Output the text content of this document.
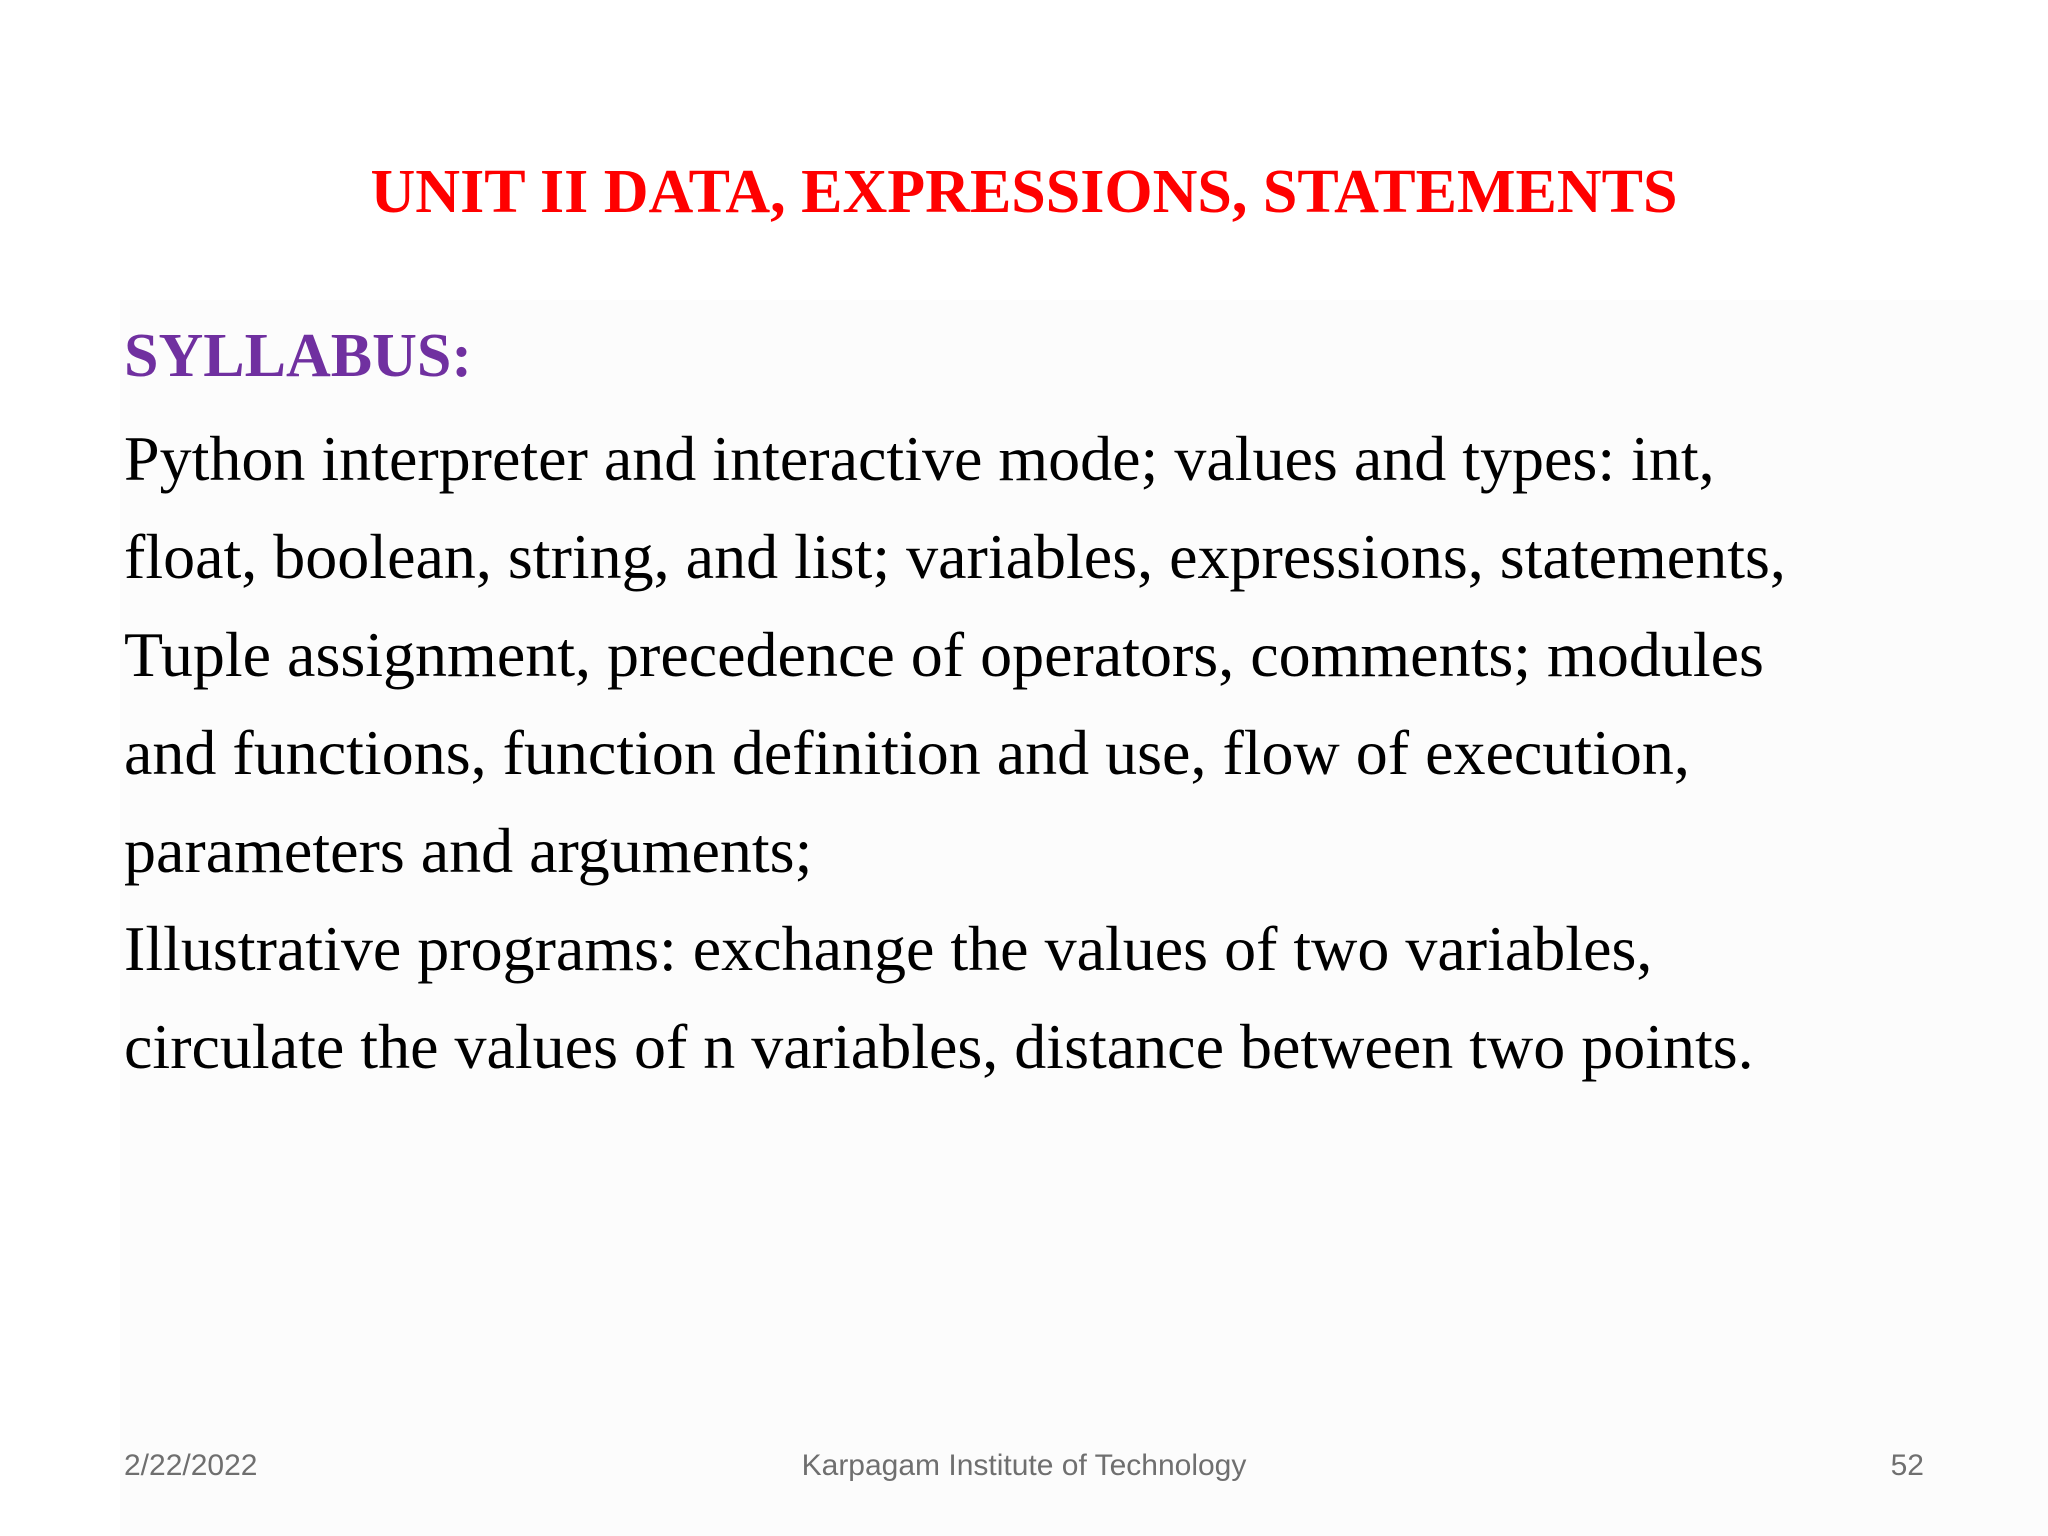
UNIT II DATA, EXPRESSIONS, STATEMENTS
SYLLABUS:
Python interpreter and interactive mode; values and types: int,
float, boolean, string, and list; variables, expressions, statements,
Tuple assignment, precedence of operators, comments; modules
and functions, function definition and use, flow of execution,
parameters and arguments;
Illustrative programs: exchange the values of two variables,
circulate the values of n variables, distance between two points.
2/22/2022	Karpagam Institute of Technology	52
